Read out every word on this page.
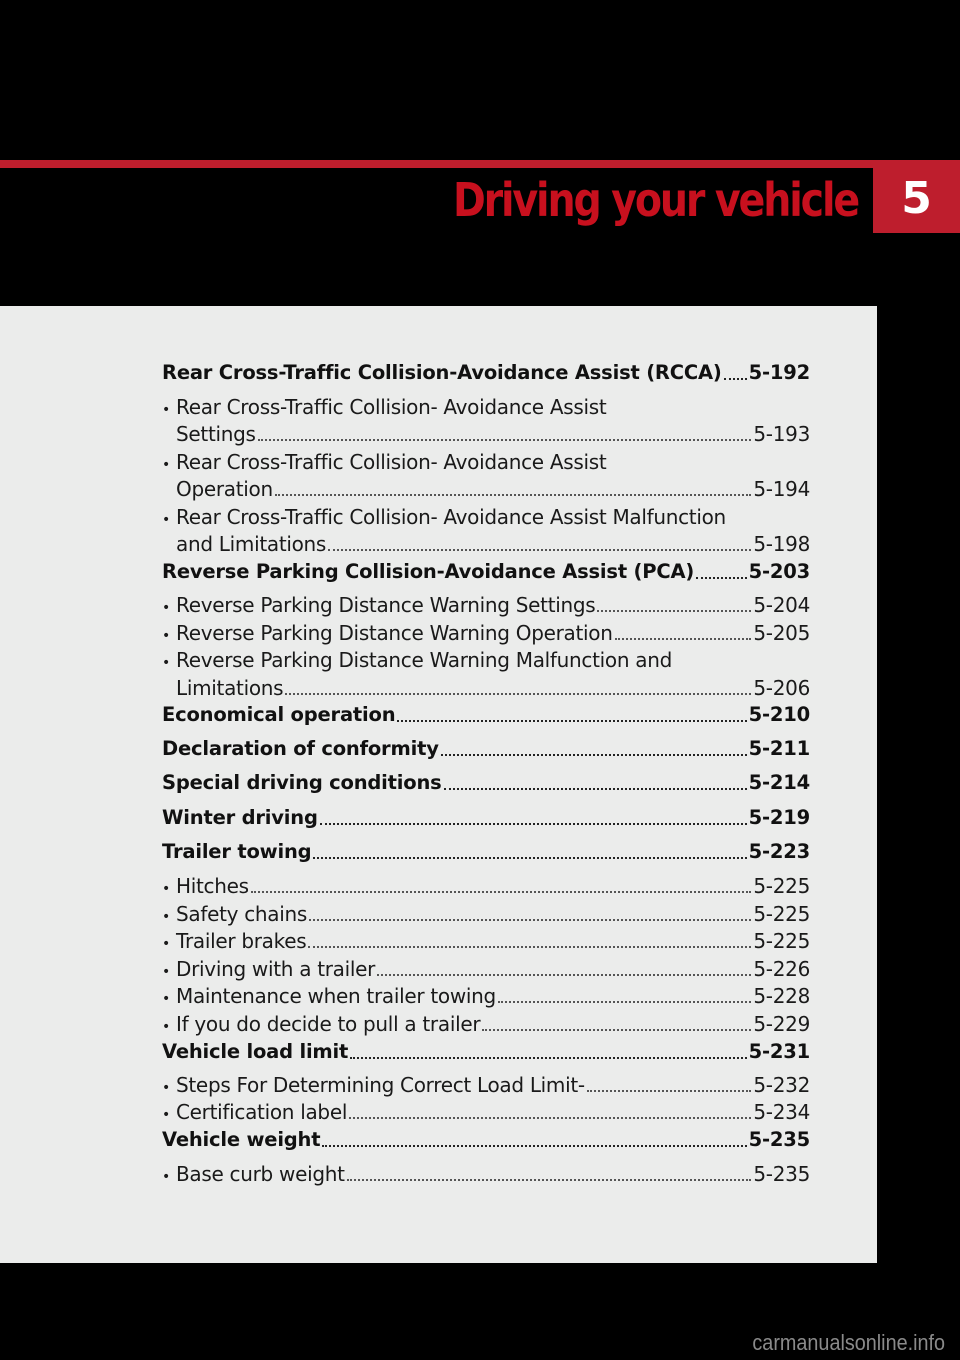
5
Driving your vehicle
Rear Cross-Traffic Collision-Avoidance Assist (RCCA) 5-192
• Rear Cross-Traffic Collision- Avoidance Assist
Settings	5-193
• Rear Cross-Traffic Collision- Avoidance Assist
Operation	5-194
• Rear Cross-Traffic Collision- Avoidance Assist Malfunction
and Limitations	5-198
Reverse Parking Collision-Avoidance Assist (PCA)	5-203
• Reverse Parking Distance Warning Settings	5-204
• Reverse Parking Distance Warning Operation	5-205
• Reverse Parking Distance Warning Malfunction and
Limitations	5-206
Economical operation	5-210
Declaration of conformity	5-211
Special driving conditions	5-214
Winter driving	5-219
Trailer towing	5-223
• Hitches	5-225
• Safety chains	5-225
• Trailer brakes	5-225
• Driving with a trailer	5-226
• Maintenance when trailer towing	5-228
• If you do decide to pull a trailer	5-229
Vehicle load limit	5-231
• Steps For Determining Correct Load Limit-	5-232
• Certification label	5-234
Vehicle weight	5-235
• Base curb weight	5-235
carmanualsonline.info
